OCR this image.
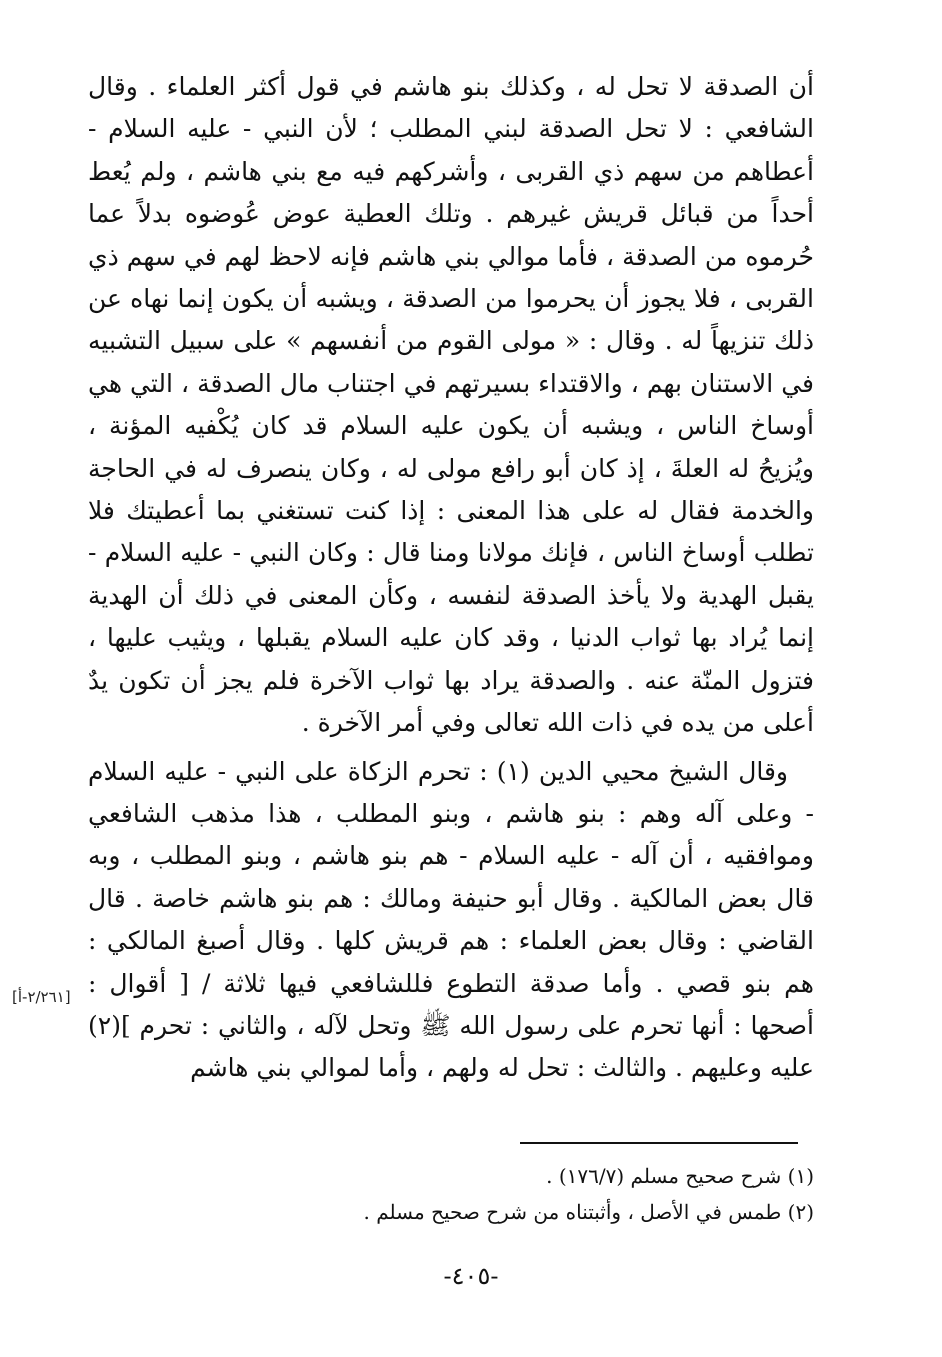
أن الصدقة لا تحل له ، وكذلك بنو هاشم في قول أكثر العلماء . وقال الشافعي : لا تحل الصدقة لبني المطلب ؛ لأن النبي - عليه السلام - أعطاهم من سهم ذي القربى ، وأشركهم فيه مع بني هاشم ، ولم يُعط أحداً من قبائل قريش غيرهم . وتلك العطية عوض عُوضوه بدلاً عما حُرموه من الصدقة ، فأما موالي بني هاشم فإنه لاحظ لهم في سهم ذي القربى ، فلا يجوز أن يحرموا من الصدقة ، ويشبه أن يكون إنما نهاه عن ذلك تنزيهاً له . وقال : « مولى القوم من أنفسهم » على سبيل التشبيه في الاستنان بهم ، والاقتداء بسيرتهم في اجتناب مال الصدقة ، التي هي أوساخ الناس ، ويشبه أن يكون عليه السلام قد كان يُكْفيه المؤنة ، ويُزيحُ له العلةَ ، إذ كان أبو رافع مولى له ، وكان ينصرف له في الحاجة والخدمة فقال له على هذا المعنى : إذا كنت تستغني بما أعطيتك فلا تطلب أوساخ الناس ، فإنك مولانا ومنا قال : وكان النبي - عليه السلام - يقبل الهدية ولا يأخذ الصدقة لنفسه ، وكأن المعنى في ذلك أن الهدية إنما يُراد بها ثواب الدنيا ، وقد كان عليه السلام يقبلها ، ويثيب عليها ، فتزول المنّة عنه . والصدقة يراد بها ثواب الآخرة فلم يجز أن تكون يدٌ أعلى من يده في ذات الله تعالى وفي أمر الآخرة .

وقال الشيخ محيي الدين (١) : تحرم الزكاة على النبي - عليه السلام - وعلى آله وهم : بنو هاشم ، وبنو المطلب ، هذا مذهب الشافعي وموافقيه ، أن آله - عليه السلام - هم بنو هاشم ، وبنو المطلب ، وبه قال بعض المالكية . وقال أبو حنيفة ومالك : هم بنو هاشم خاصة . قال القاضي : وقال بعض العلماء : هم قريش كلها . وقال أصبغ المالكي : هم بنو قصي . وأما صدقة التطوع فللشافعي فيها ثلاثة / [ أقوال : أصحها : أنها تحرم على رسول الله ﷺ وتحل لآله ، والثاني : تحرم ](٢) عليه وعليهم . والثالث : تحل له ولهم ، وأما لموالي بني هاشم

[٢/٢٦١-أ]
(١) شرح صحيح مسلم (١٧٦/٧) .
(٢) طمس في الأصل ، وأثبتناه من شرح صحيح مسلم .
-٤٠٥-
